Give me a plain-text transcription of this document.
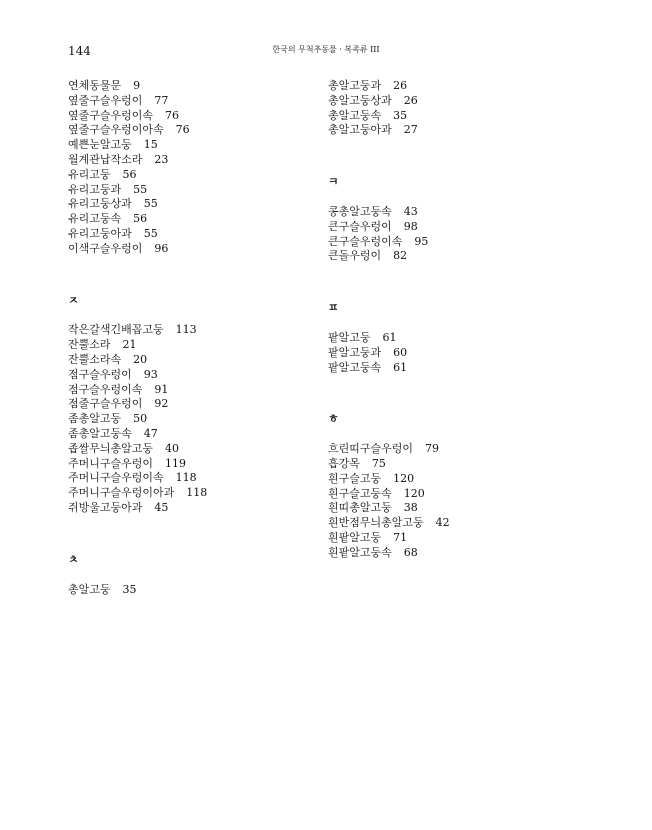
144	한국의 무척추동물 · 복족류 III
연체동물문 9
옆줄구슬우렁이 77
옆줄구슬우렁이속 76
옆줄구슬우렁이아속 76
예쁜눈알고둥 15
월계관납작소라 23
유리고둥 56
유리고둥과 55
유리고둥상과 55
유리고둥속 56
유리고둥아과 55
이색구슬우렁이 96
ㅈ
작은갈색긴배꼽고둥 113
잔뿔소라 21
잔뿔소라속 20
점구슬우렁이 93
점구슬우렁이속 91
점줄구슬우렁이 92
좀총알고둥 50
좀총알고둥속 47
좁쌀무늬총알고둥 40
주머니구슬우렁이 119
주머니구슬우렁이속 118
주머니구슬우렁이아과 118
쥐방울고둥아과 45
ㅊ
총알고둥 35
총알고둥과 26
총알고둥상과 26
총알고둥속 35
총알고둥아과 27
ㅋ
콩총알고둥속 43
큰구슬우렁이 98
큰구슬우렁이속 95
큰돌우렁이 82
ㅍ
팥알고둥 61
팥알고둥과 60
팥알고둥속 61
ㅎ
흐린띠구슬우렁이 79
흡강목 75
흰구슬고둥 120
흰구슬고둥속 120
흰띠총알고둥 38
흰반점무늬총알고둥 42
흰팥알고둥 71
흰팥알고둥속 68
